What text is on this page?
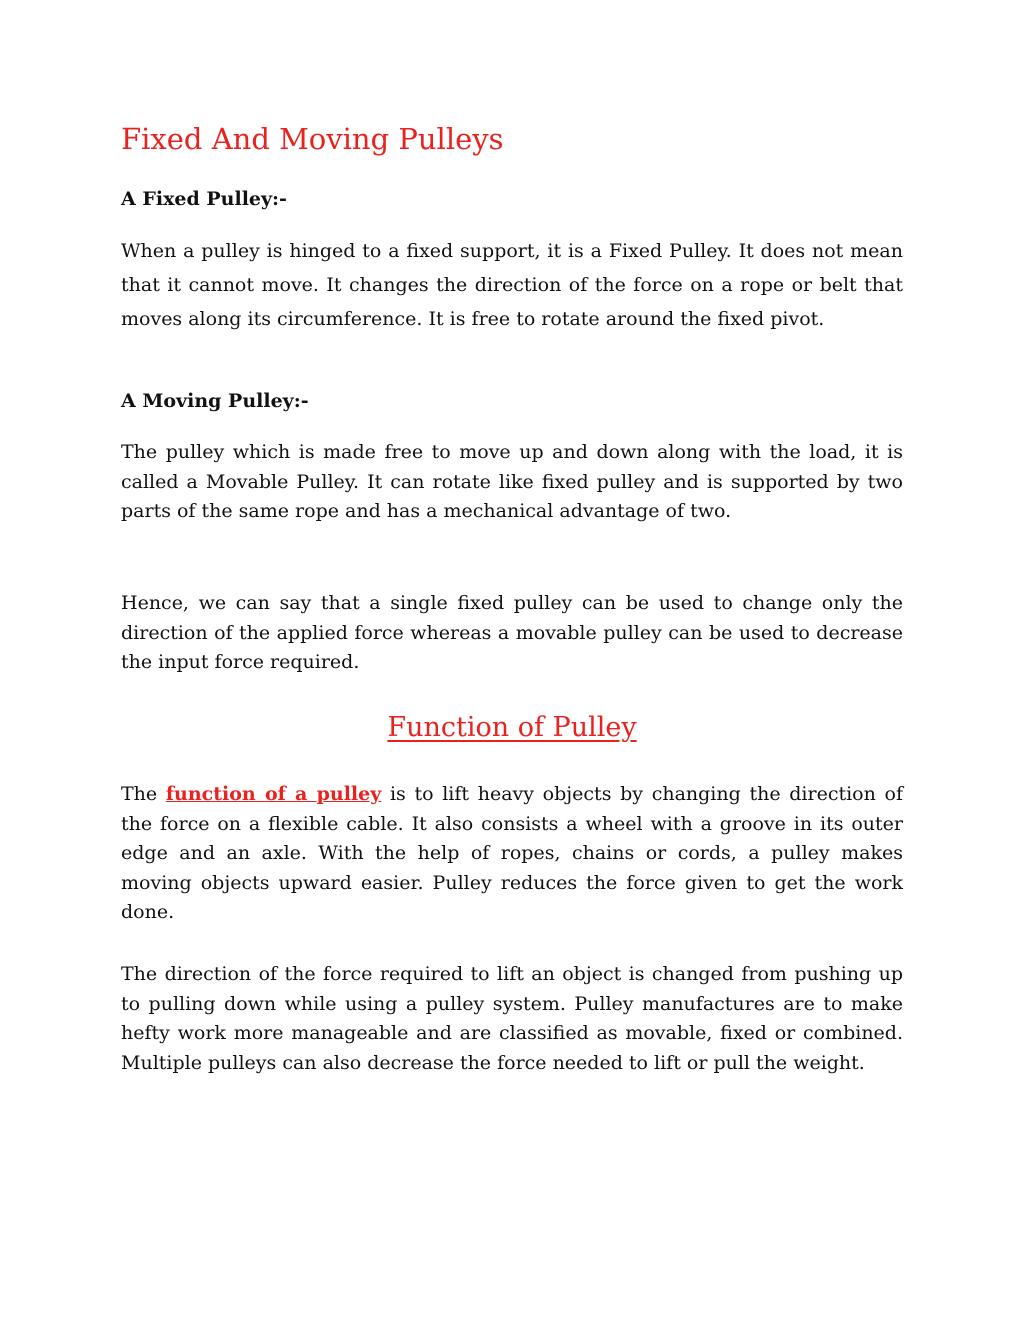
Fixed And Moving Pulleys
A Fixed Pulley:-

When a pulley is hinged to a fixed support, it is a Fixed Pulley. It does not mean that it cannot move. It changes the direction of the force on a rope or belt that moves along its circumference. It is free to rotate around the fixed pivot.

A Moving Pulley:-

The pulley which is made free to move up and down along with the load, it is called a Movable Pulley. It can rotate like fixed pulley and is supported by two parts of the same rope and has a mechanical advantage of two.

Hence, we can say that a single fixed pulley can be used to change only the direction of the applied force whereas a movable pulley can be used to decrease the input force required.

Function of Pulley

The function of a pulley is to lift heavy objects by changing the direction of the force on a flexible cable. It also consists a wheel with a groove in its outer edge and an axle. With the help of ropes, chains or cords, a pulley makes moving objects upward easier. Pulley reduces the force given to get the work done.

The direction of the force required to lift an object is changed from pushing up to pulling down while using a pulley system. Pulley manufactures are to make hefty work more manageable and are classified as movable, fixed or combined. Multiple pulleys can also decrease the force needed to lift or pull the weight.
